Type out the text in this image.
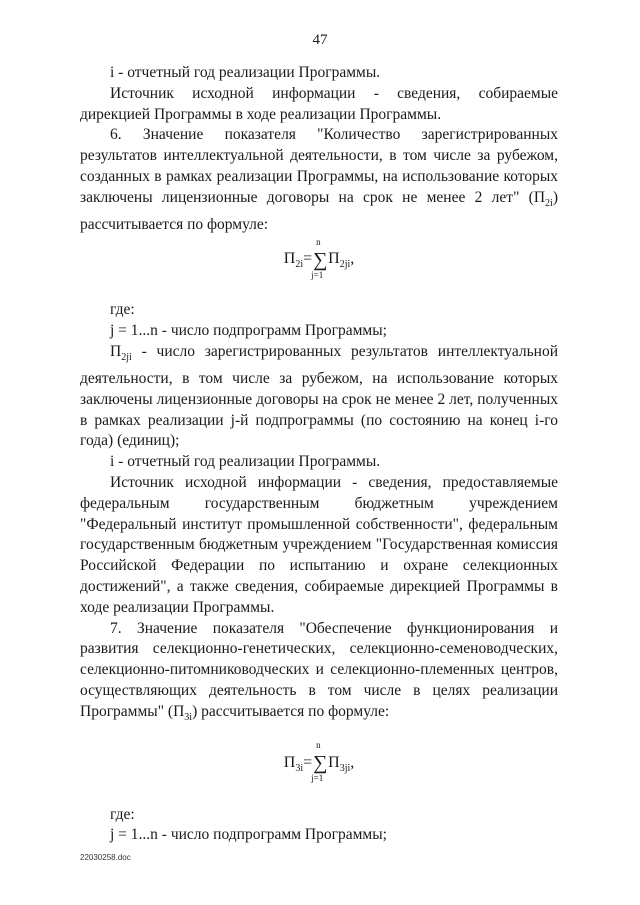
47

i - отчетный год реализации Программы.

Источник исходной информации - сведения, собираемые дирекцией Программы в ходе реализации Программы.

6. Значение показателя "Количество зарегистрированных результатов интеллектуальной деятельности, в том числе за рубежом, созданных в рамках реализации Программы, на использование которых заключены лицензионные договоры на срок не менее 2 лет" $(П_{2i})$ рассчитывается по формуле:

$П_{2i}=$
n
∑
j=1
$П_{2ji}$,

где:

j = 1...n - число подпрограмм Программы;

$П_{2ji}$ - число зарегистрированных результатов интеллектуальной деятельности, в том числе за рубежом, на использование которых заключены лицензионные договоры на срок не менее 2 лет, полученных в рамках реализации j-й подпрограммы (по состоянию на конец i-го года) (единиц);

i - отчетный год реализации Программы.

Источник исходной информации - сведения, предоставляемые федеральным государственным бюджетным учреждением "Федеральный институт промышленной собственности", федеральным государственным бюджетным учреждением "Государственная комиссия Российской Федерации по испытанию и охране селекционных достижений", а также сведения, собираемые дирекцией Программы в ходе реализации Программы.

7. Значение показателя "Обеспечение функционирования и развития селекционно-генетических, селекционно-семеноводческих, селекционно-питомниководческих и селекционно-племенных центров, осуществляющих деятельность в том числе в целях реализации Программы" $(П_{3i})$ рассчитывается по формуле:

$П_{3i}=$
n
∑
j=1
$П_{3ji}$,

где:

j = 1...n - число подпрограмм Программы;

22030258.doc
